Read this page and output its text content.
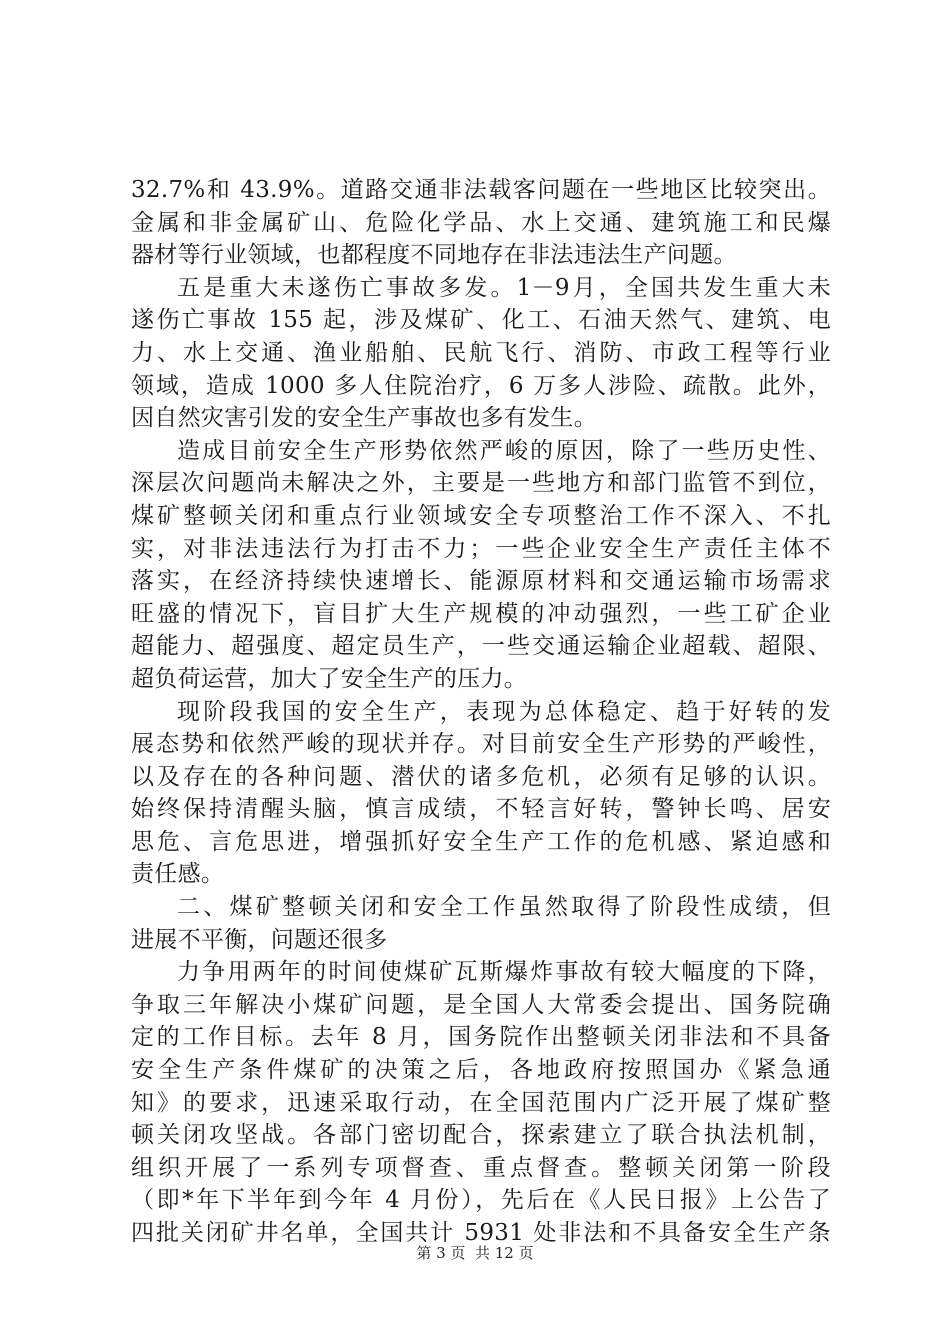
32.7%和 43.9%。道路交通非法载客问题在一些地区比较突出。
金属和非金属矿山、危险化学品、水上交通、建筑施工和民爆
器材等行业领域，也都程度不同地存在非法违法生产问题。
五是重大未遂伤亡事故多发。1－9月，全国共发生重大未
遂伤亡事故 155 起，涉及煤矿、化工、石油天然气、建筑、电
力、水上交通、渔业船舶、民航飞行、消防、市政工程等行业
领域，造成 1000 多人住院治疗，6 万多人涉险、疏散。此外，
因自然灾害引发的安全生产事故也多有发生。
造成目前安全生产形势依然严峻的原因，除了一些历史性、
深层次问题尚未解决之外，主要是一些地方和部门监管不到位，
煤矿整顿关闭和重点行业领域安全专项整治工作不深入、不扎
实，对非法违法行为打击不力；一些企业安全生产责任主体不
落实，在经济持续快速增长、能源原材料和交通运输市场需求
旺盛的情况下，盲目扩大生产规模的冲动强烈，一些工矿企业
超能力、超强度、超定员生产，一些交通运输企业超载、超限、
超负荷运营，加大了安全生产的压力。
现阶段我国的安全生产，表现为总体稳定、趋于好转的发
展态势和依然严峻的现状并存。对目前安全生产形势的严峻性，
以及存在的各种问题、潜伏的诸多危机，必须有足够的认识。
始终保持清醒头脑，慎言成绩，不轻言好转，警钟长鸣、居安
思危、言危思进，增强抓好安全生产工作的危机感、紧迫感和
责任感。
二、煤矿整顿关闭和安全工作虽然取得了阶段性成绩，但
进展不平衡，问题还很多
力争用两年的时间使煤矿瓦斯爆炸事故有较大幅度的下降，
争取三年解决小煤矿问题，是全国人大常委会提出、国务院确
定的工作目标。去年 8 月，国务院作出整顿关闭非法和不具备
安全生产条件煤矿的决策之后，各地政府按照国办《紧急通
知》的要求，迅速采取行动，在全国范围内广泛开展了煤矿整
顿关闭攻坚战。各部门密切配合，探索建立了联合执法机制，
组织开展了一系列专项督查、重点督查。整顿关闭第一阶段
（即*年下半年到今年 4 月份），先后在《人民日报》上公告了
四批关闭矿井名单，全国共计 5931 处非法和不具备安全生产条
第 3 页  共 12 页
